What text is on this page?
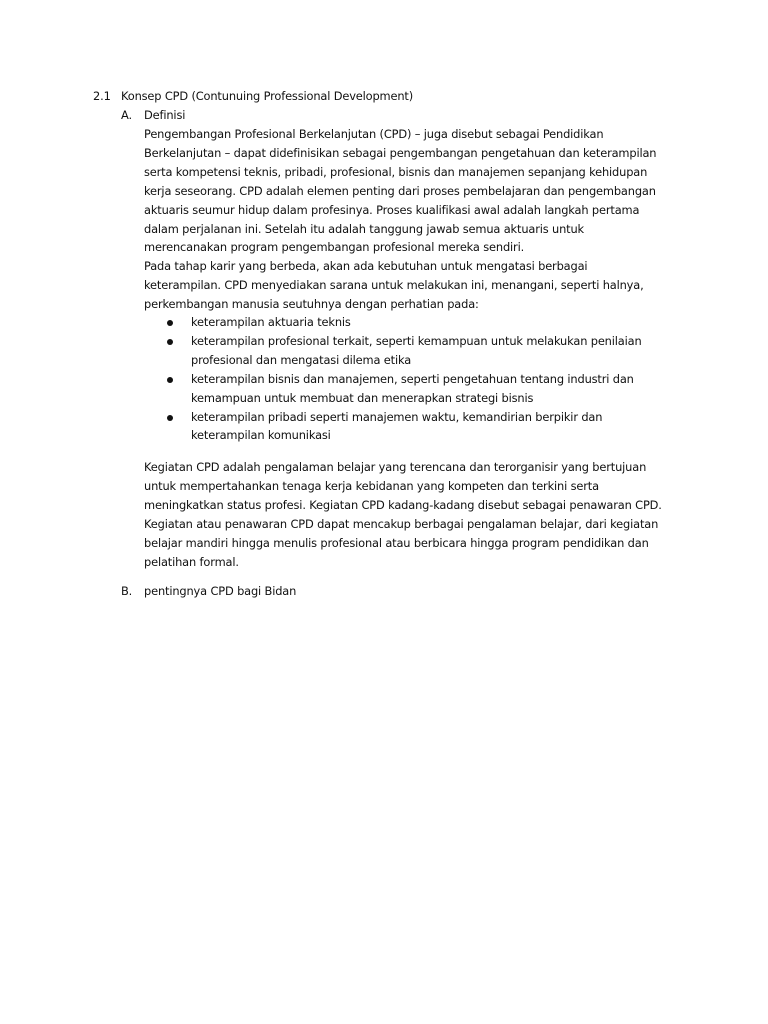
2.1 Konsep CPD (Contunuing Professional Development)
A. Definisi
Pengembangan Profesional Berkelanjutan (CPD) – juga disebut sebagai Pendidikan
Berkelanjutan – dapat didefinisikan sebagai pengembangan pengetahuan dan keterampilan
serta kompetensi teknis, pribadi, profesional, bisnis dan manajemen sepanjang kehidupan
kerja seseorang. CPD adalah elemen penting dari proses pembelajaran dan pengembangan
aktuaris seumur hidup dalam profesinya. Proses kualifikasi awal adalah langkah pertama
dalam perjalanan ini. Setelah itu adalah tanggung jawab semua aktuaris untuk
merencanakan program pengembangan profesional mereka sendiri.
Pada tahap karir yang berbeda, akan ada kebutuhan untuk mengatasi berbagai
keterampilan. CPD menyediakan sarana untuk melakukan ini, menangani, seperti halnya,
perkembangan manusia seutuhnya dengan perhatian pada:
keterampilan aktuaria teknis
keterampilan profesional terkait, seperti kemampuan untuk melakukan penilaian
profesional dan mengatasi dilema etika
keterampilan bisnis dan manajemen, seperti pengetahuan tentang industri dan
kemampuan untuk membuat dan menerapkan strategi bisnis
keterampilan pribadi seperti manajemen waktu, kemandirian berpikir dan
keterampilan komunikasi
Kegiatan CPD adalah pengalaman belajar yang terencana dan terorganisir yang bertujuan
untuk mempertahankan tenaga kerja kebidanan yang kompeten dan terkini serta
meningkatkan status profesi. Kegiatan CPD kadang-kadang disebut sebagai penawaran CPD.
Kegiatan atau penawaran CPD dapat mencakup berbagai pengalaman belajar, dari kegiatan
belajar mandiri hingga menulis profesional atau berbicara hingga program pendidikan dan
pelatihan formal.
B. pentingnya CPD bagi Bidan
